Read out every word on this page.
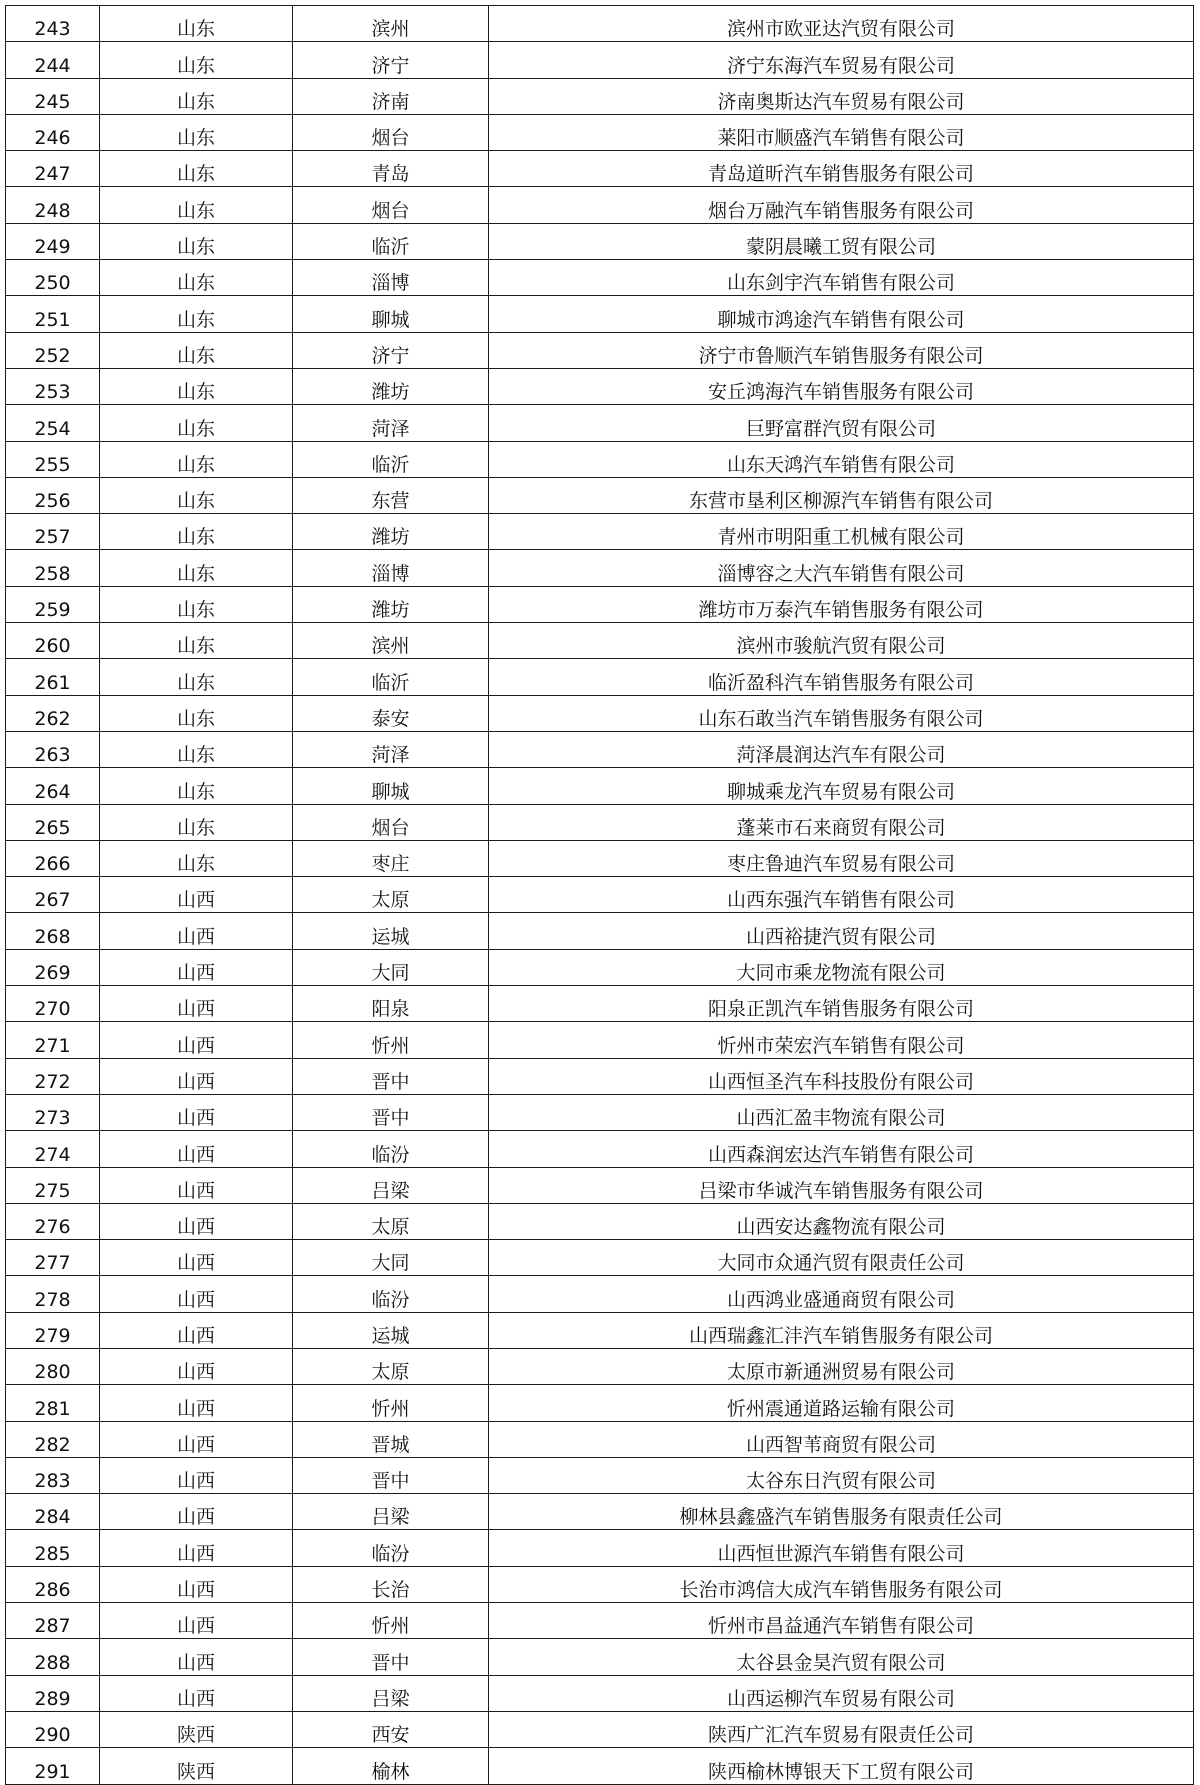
243	山东	滨州	滨州市欧亚达汽贸有限公司
244	山东	济宁	济宁东海汽车贸易有限公司
245	山东	济南	济南奥斯达汽车贸易有限公司
246	山东	烟台	莱阳市顺盛汽车销售有限公司
247	山东	青岛	青岛道昕汽车销售服务有限公司
248	山东	烟台	烟台万融汽车销售服务有限公司
249	山东	临沂	蒙阴晨曦工贸有限公司
250	山东	淄博	山东剑宇汽车销售有限公司
251	山东	聊城	聊城市鸿途汽车销售有限公司
252	山东	济宁	济宁市鲁顺汽车销售服务有限公司
253	山东	潍坊	安丘鸿海汽车销售服务有限公司
254	山东	菏泽	巨野富群汽贸有限公司
255	山东	临沂	山东天鸿汽车销售有限公司
256	山东	东营	东营市垦利区柳源汽车销售有限公司
257	山东	潍坊	青州市明阳重工机械有限公司
258	山东	淄博	淄博容之大汽车销售有限公司
259	山东	潍坊	潍坊市万泰汽车销售服务有限公司
260	山东	滨州	滨州市骏航汽贸有限公司
261	山东	临沂	临沂盈科汽车销售服务有限公司
262	山东	泰安	山东石敢当汽车销售服务有限公司
263	山东	菏泽	菏泽晨润达汽车有限公司
264	山东	聊城	聊城乘龙汽车贸易有限公司
265	山东	烟台	蓬莱市石来商贸有限公司
266	山东	枣庄	枣庄鲁迪汽车贸易有限公司
267	山西	太原	山西东强汽车销售有限公司
268	山西	运城	山西裕捷汽贸有限公司
269	山西	大同	大同市乘龙物流有限公司
270	山西	阳泉	阳泉正凯汽车销售服务有限公司
271	山西	忻州	忻州市荣宏汽车销售有限公司
272	山西	晋中	山西恒圣汽车科技股份有限公司
273	山西	晋中	山西汇盈丰物流有限公司
274	山西	临汾	山西森润宏达汽车销售有限公司
275	山西	吕梁	吕梁市华诚汽车销售服务有限公司
276	山西	太原	山西安达鑫物流有限公司
277	山西	大同	大同市众通汽贸有限责任公司
278	山西	临汾	山西鸿业盛通商贸有限公司
279	山西	运城	山西瑞鑫汇沣汽车销售服务有限公司
280	山西	太原	太原市新通洲贸易有限公司
281	山西	忻州	忻州震通道路运输有限公司
282	山西	晋城	山西智苇商贸有限公司
283	山西	晋中	太谷东日汽贸有限公司
284	山西	吕梁	柳林县鑫盛汽车销售服务有限责任公司
285	山西	临汾	山西恒世源汽车销售有限公司
286	山西	长治	长治市鸿信大成汽车销售服务有限公司
287	山西	忻州	忻州市昌益通汽车销售有限公司
288	山西	晋中	太谷县金昊汽贸有限公司
289	山西	吕梁	山西运柳汽车贸易有限公司
290	陕西	西安	陕西广汇汽车贸易有限责任公司
291	陕西	榆林	陕西榆林博银天下工贸有限公司
